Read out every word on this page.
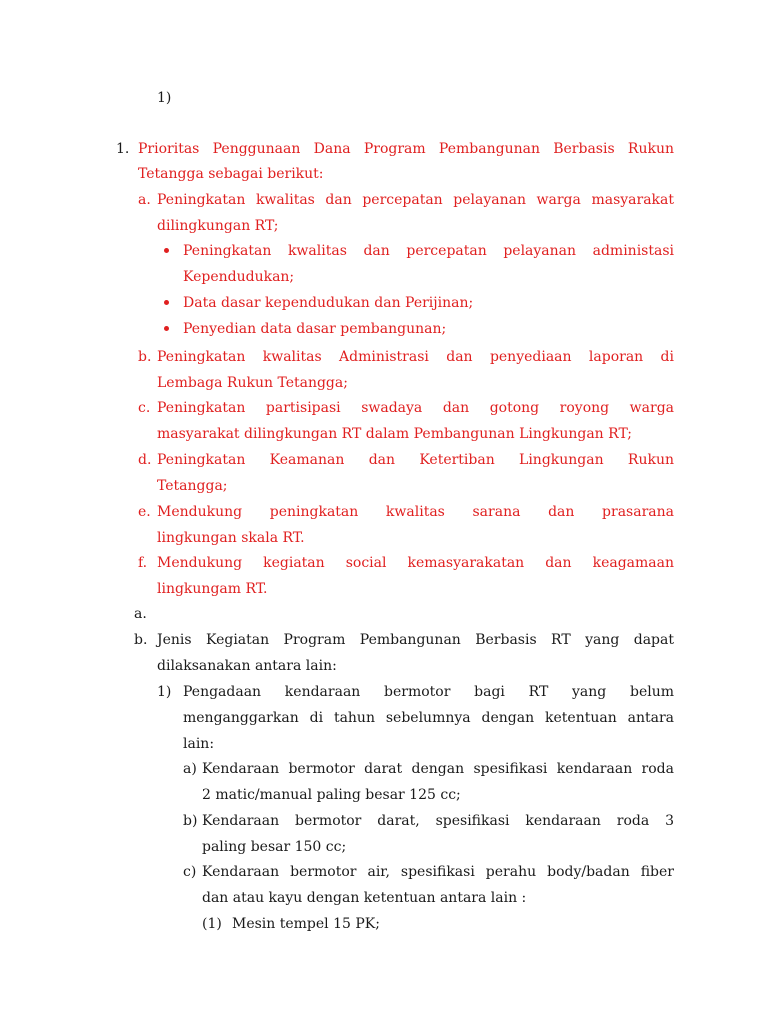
1)
1. Prioritas Penggunaan Dana Program Pembangunan Berbasis Rukun
Tetangga sebagai berikut:
a. Peningkatan kwalitas dan percepatan pelayanan warga masyarakat
dilingkungan RT;
Peningkatan kwalitas dan percepatan pelayanan administasi
Kependudukan;
Data dasar kependudukan dan Perijinan;
Penyedian data dasar pembangunan;
b. Peningkatan kwalitas Administrasi dan penyediaan laporan di
Lembaga Rukun Tetangga;
c. Peningkatan partisipasi swadaya dan gotong royong warga
masyarakat dilingkungan RT dalam Pembangunan Lingkungan RT;
d. Peningkatan Keamanan dan Ketertiban Lingkungan Rukun
Tetangga;
e. Mendukung peningkatan kwalitas sarana dan prasarana
lingkungan skala RT.
f. Mendukung kegiatan social kemasyarakatan dan keagamaan
lingkungam RT.
a.
b. Jenis Kegiatan Program Pembangunan Berbasis RT yang dapat
dilaksanakan antara lain:
1) Pengadaan kendaraan bermotor bagi RT yang belum
menganggarkan di tahun sebelumnya dengan ketentuan antara
lain:
a) Kendaraan bermotor darat dengan spesifikasi kendaraan roda
2 matic/manual paling besar 125 cc;
b) Kendaraan bermotor darat, spesifikasi kendaraan roda 3
paling besar 150 cc;
c) Kendaraan bermotor air, spesifikasi perahu body/badan fiber
dan atau kayu dengan ketentuan antara lain :
(1) Mesin tempel 15 PK;
